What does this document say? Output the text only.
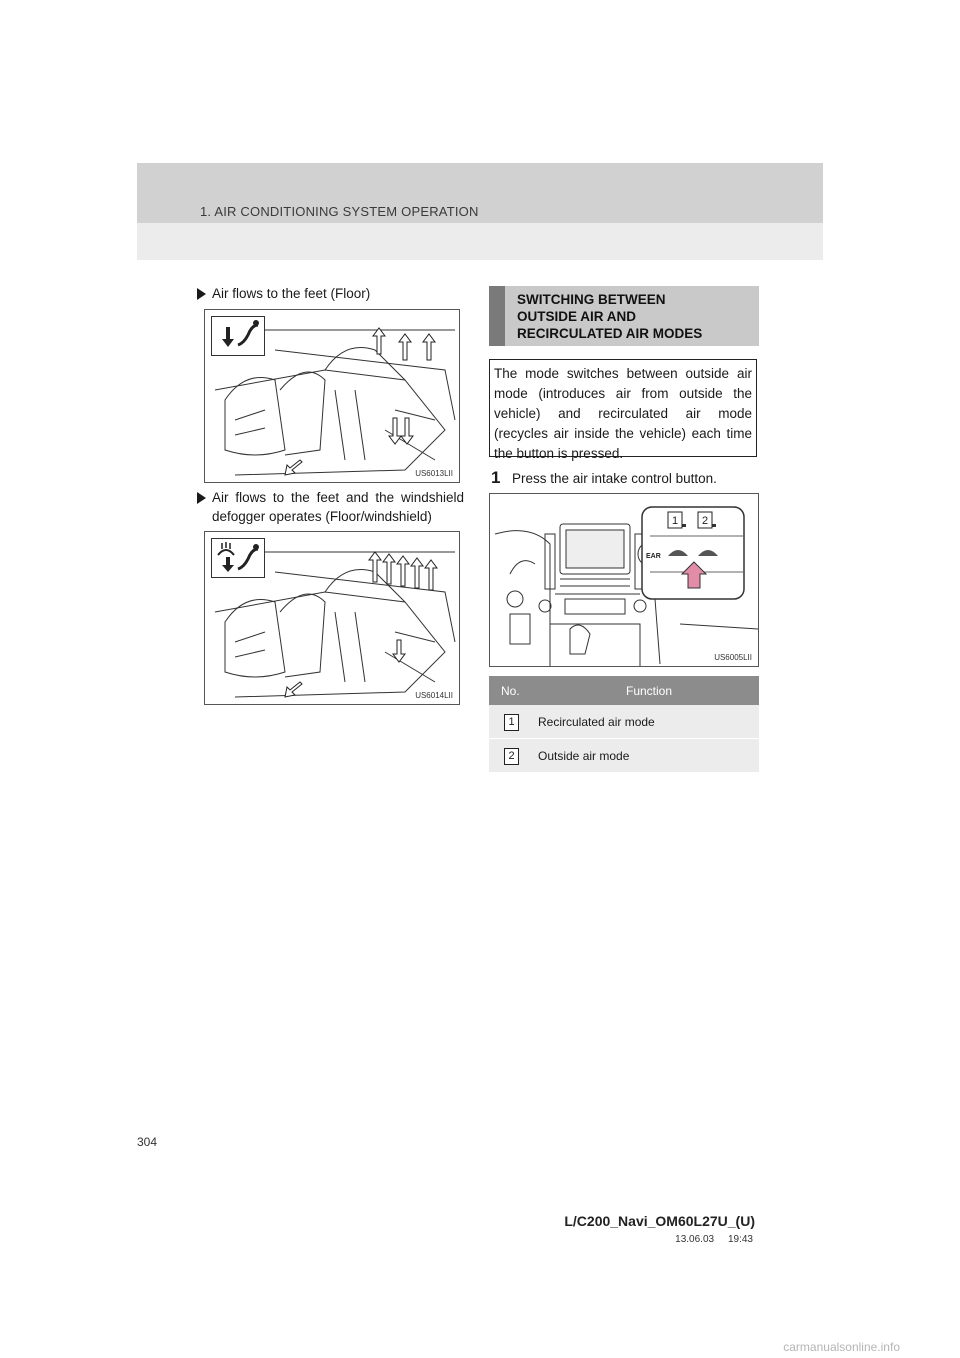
1. AIR CONDITIONING SYSTEM OPERATION
Air flows to the feet (Floor)
US6013LII
Air flows to the feet and the windshield
defogger operates (Floor/windshield)
US6014LII
SWITCHING BETWEEN
OUTSIDE AIR AND
RECIRCULATED AIR MODES
The mode switches between outside air mode (introduces air from outside the vehicle) and recirculated air mode (recycles air inside the vehicle) each time the button is pressed.
1 Press the air intake control button.
EAR
1 2
US6005LII
No.	Function
1	Recirculated air mode
2	Outside air mode
304
L/C200_Navi_OM60L27U_(U)
13.06.03     19:43
carmanualsonline.info
